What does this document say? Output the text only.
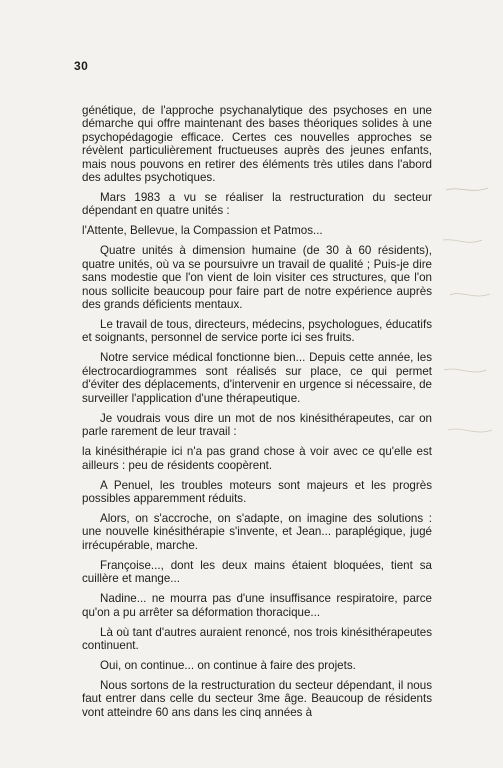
30

génétique, de l'approche psychanalytique des psychoses en une démarche qui offre maintenant des bases théoriques solides à une psychopédagogie efficace. Certes ces nouvelles approches se révèlent particulièrement fructueuses auprès des jeunes enfants, mais nous pouvons en retirer des éléments très utiles dans l'abord des adultes psychotiques.

Mars 1983 a vu se réaliser la restructuration du secteur dépendant en quatre unités :

l'Attente, Bellevue, la Compassion et Patmos...

Quatre unités à dimension humaine (de 30 à 60 résidents), quatre unités, où va se poursuivre un travail de qualité ; Puis-je dire sans modestie que l'on vient de loin visiter ces structures, que l'on nous sollicite beaucoup pour faire part de notre expérience auprès des grands déficients mentaux.

Le travail de tous, directeurs, médecins, psychologues, éducatifs et soignants, personnel de service porte ici ses fruits.

Notre service médical fonctionne bien... Depuis cette année, les électrocardiogrammes sont réalisés sur place, ce qui permet d'éviter des déplacements, d'intervenir en urgence si nécessaire, de surveiller l'application d'une thérapeutique.

Je voudrais vous dire un mot de nos kinésithérapeutes, car on parle rarement de leur travail :

la kinésithérapie ici n'a pas grand chose à voir avec ce qu'elle est ailleurs : peu de résidents coopèrent.

A Penuel, les troubles moteurs sont majeurs et les progrès possibles apparemment réduits.

Alors, on s'accroche, on s'adapte, on imagine des solutions : une nouvelle kinésithérapie s'invente, et Jean... paraplégique, jugé irrécupérable, marche.

Françoise..., dont les deux mains étaient bloquées, tient sa cuillère et mange...

Nadine... ne mourra pas d'une insuffisance respiratoire, parce qu'on a pu arrêter sa déformation thoracique...

Là où tant d'autres auraient renoncé, nos trois kinésithérapeutes continuent.

Oui, on continue... on continue à faire des projets.

Nous sortons de la restructuration du secteur dépendant, il nous faut entrer dans celle du secteur 3me âge. Beaucoup de résidents vont atteindre 60 ans dans les cinq années à
